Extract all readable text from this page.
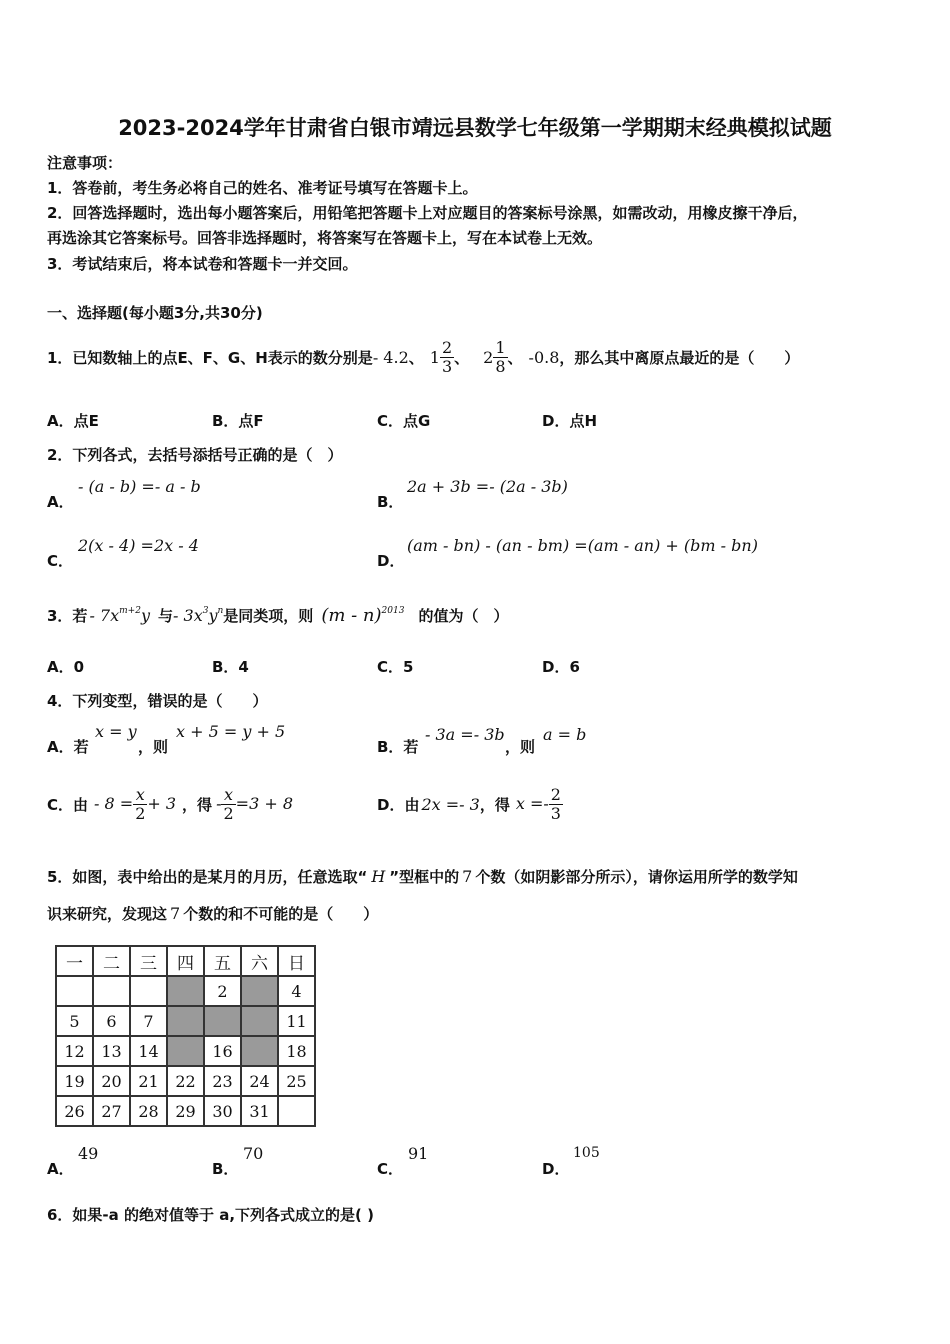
2023-2024学年甘肃省白银市靖远县数学七年级第一学期期末经典模拟试题
注意事项：
1．答卷前，考生务必将自己的姓名、准考证号填写在答题卡上。
2．回答选择题时，选出每小题答案后，用铅笔把答题卡上对应题目的答案标号涂黑，如需改动，用橡皮擦干净后，
再选涂其它答案标号。回答非选择题时，将答案写在答题卡上，写在本试卷上无效。
3．考试结束后，将本试卷和答题卡一并交回。
一、选择题(每小题3分,共30分)
1．已知数轴上的点E、F、G、H表示的数分别是 - 4.2 、 $1 \frac{2}{3}$ 、 $2 \frac{1}{8}$ 、 -0.8 ，那么其中离原点最近的是（　　）
A．点E	B．点F	C．点G	D．点H
2．下列各式，去括号添括号正确的是（　）
A．
- (a - b) =- a - b
B．
2a + 3b =- (2a - 3b)
C．
2(x - 4) =2x - 4
D．
(am - bn) - (an - bm) =(am - an) + (bm - bn)
3．若 - $7x^{m+2}y$ 与 - $3x^3y^n$ 是同类项，则 (m - n)$^{2013}$ 的值为（　）
A．0	B．4	C．5	D．6
4．下列变型，错误的是（　　）
A．若
x = y
，则
x + 5 = y + 5
B．若
- 3a =- 3b
，则
a = b
C．由 - $8 = \frac{x}{2} + 3$ ，得 - $\frac{x}{2} =3 + 8$	D．由 2x =- 3 ，得 $x =- \frac{2}{3}$
5．如图，表中给出的是某月的月历，任意选取“ H ”型框中的 7 个数（如阴影部分所示），请你运用所学的数学知
识来研究，发现这 7 个数的和不可能的是（　　）
一	二	三	四	五	六	日
				2		4
5	6	7				11
12	13	14		16		18
19	20	21	22	23	24	25
26	27	28	29	30	31	
A．
49
B．
70
C．
91
D．
105
6．如果-a 的绝对值等于 a,下列各式成立的是( )
